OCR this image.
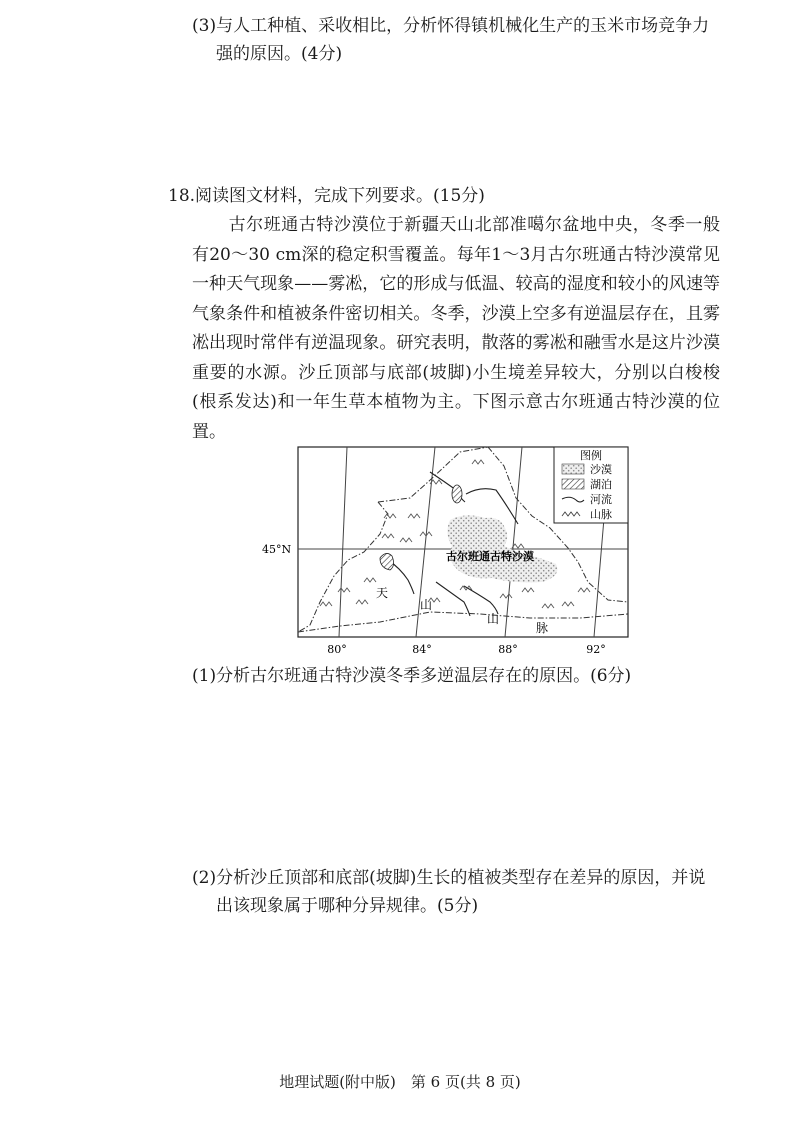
(3)与人工种植、采收相比，分析怀得镇机械化生产的玉米市场竞争力
强的原因。(4分)
18.阅读图文材料，完成下列要求。(15分)
古尔班通古特沙漠位于新疆天山北部准噶尔盆地中央，冬季一般有20～30 cm深的稳定积雪覆盖。每年1～3月古尔班通古特沙漠常见一种天气现象——雾凇，它的形成与低温、较高的湿度和较小的风速等气象条件和植被条件密切相关。冬季，沙漠上空多有逆温层存在，且雾凇出现时常伴有逆温现象。研究表明，散落的雾凇和融雪水是这片沙漠重要的水源。沙丘顶部与底部(坡脚)小生境差异较大，分别以白梭梭(根系发达)和一年生草本植物为主。下图示意古尔班通古特沙漠的位置。
图例
沙漠
湖泊
河流
山脉
45°N
古尔班通古特沙漠
天
山
山
脉
80°	84°	88°	92°
(1)分析古尔班通古特沙漠冬季多逆温层存在的原因。(6分)
(2)分析沙丘顶部和底部(坡脚)生长的植被类型存在差异的原因，并说
出该现象属于哪种分异规律。(5分)
地理试题(附中版)　第 6 页(共 8 页)
